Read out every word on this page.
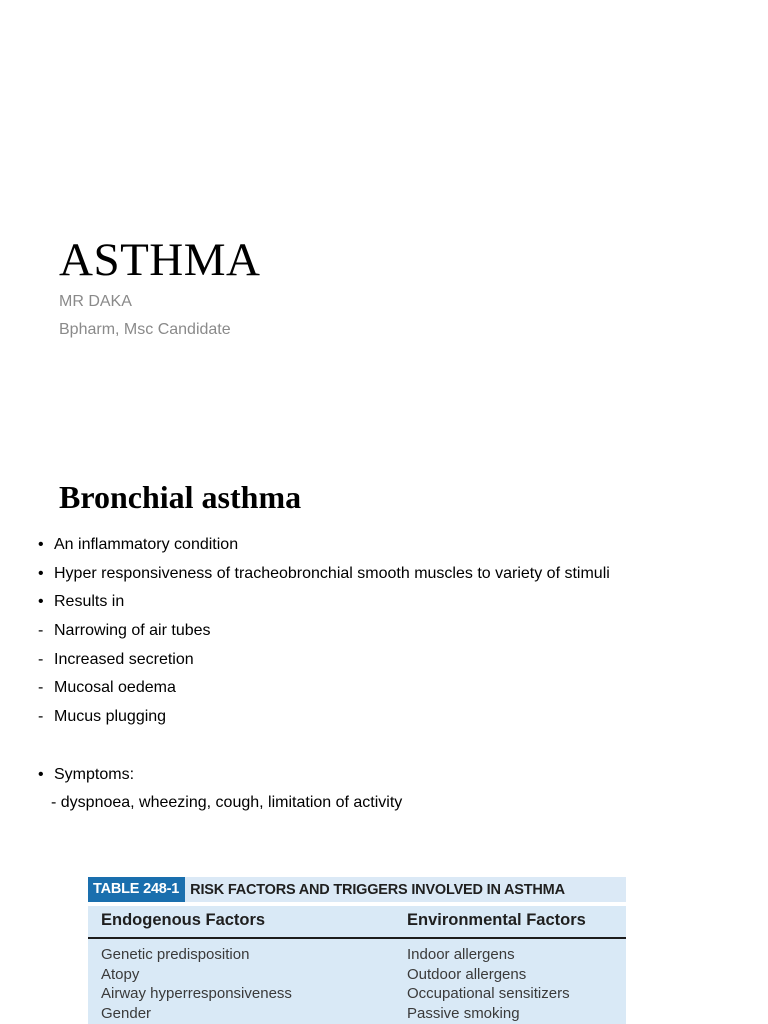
ASTHMA
MR DAKA
Bpharm, Msc Candidate
Bronchial asthma
• An inflammatory condition
• Hyper responsiveness of tracheobronchial smooth muscles to variety of stimuli
• Results in
- Narrowing of air tubes
- Increased secretion
- Mucosal oedema
- Mucus plugging
• Symptoms:
- dyspnoea, wheezing, cough, limitation of activity
TABLE 248-1 RISK FACTORS AND TRIGGERS INVOLVED IN ASTHMA
Endogenous Factors	Environmental Factors
Genetic predisposition	Indoor allergens
Atopy	Outdoor allergens
Airway hyperresponsiveness	Occupational sensitizers
Gender	Passive smoking
